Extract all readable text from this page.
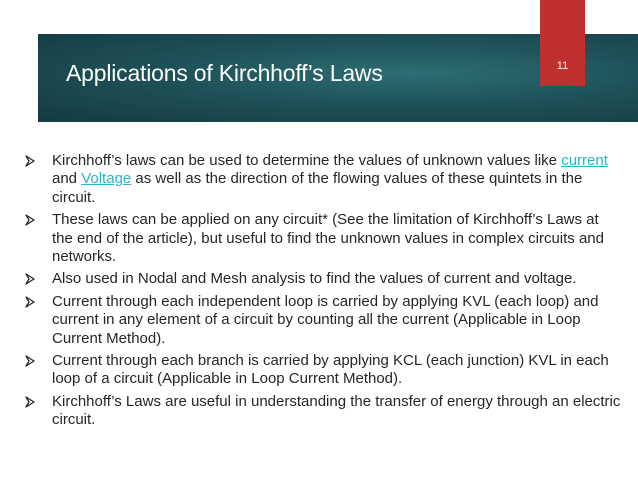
Applications of Kirchhoff’s Laws	11
Kirchhoff’s laws can be used to determine the values of unknown values like current and Voltage as well as the direction of the flowing values of these quintets in the circuit.
These laws can be applied on any circuit* (See the limitation of Kirchhoff’s Laws at the end of the article), but useful to find the unknown values in complex circuits and networks.
Also used in Nodal and Mesh analysis to find the values of current and voltage.
Current through each independent loop is carried by applying KVL (each loop) and current in any element of a circuit by counting all the current (Applicable in Loop Current Method).
Current through each branch is carried by applying KCL (each junction) KVL in each loop of a circuit (Applicable in Loop Current Method).
Kirchhoff’s Laws are useful in understanding the transfer of energy through an electric circuit.
